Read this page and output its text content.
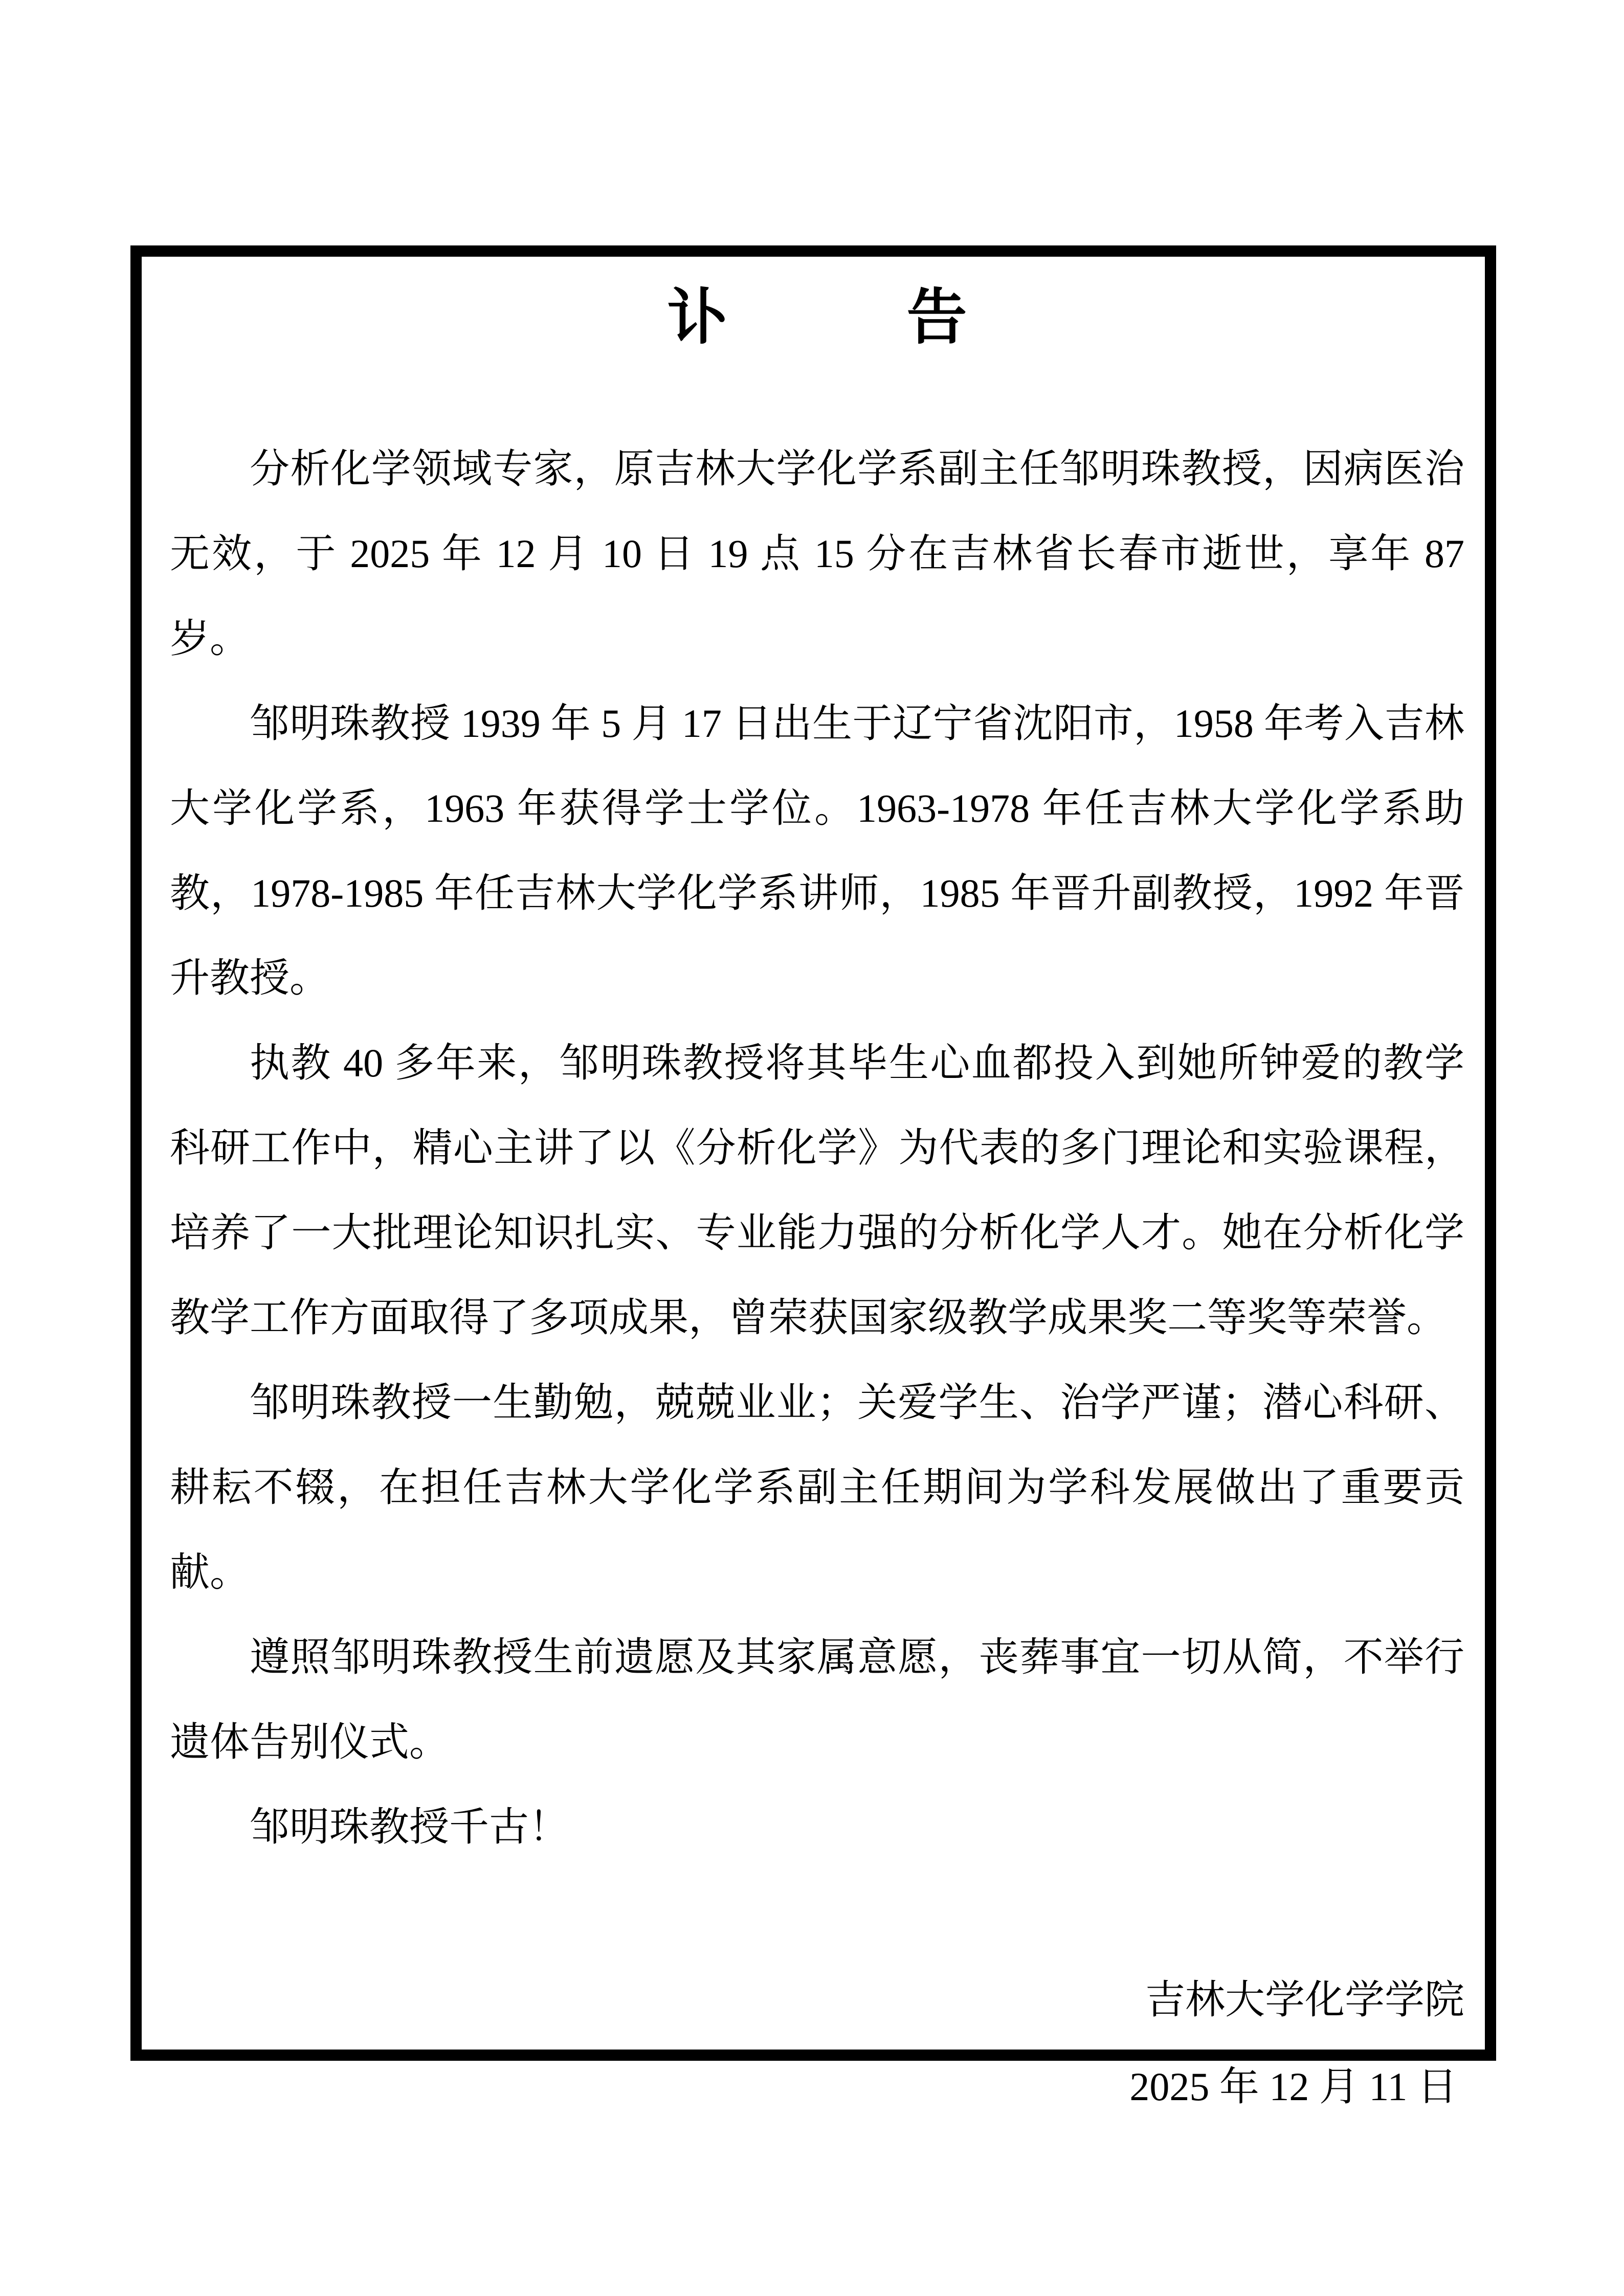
讣	告

分析化学领域专家，原吉林大学化学系副主任邹明珠教授，因病医治无效，于 2025 年 12 月 10 日 19 点 15 分在吉林省长春市逝世，享年 87 岁。

邹明珠教授 1939 年 5 月 17 日出生于辽宁省沈阳市，1958 年考入吉林大学化学系，1963 年获得学士学位。1963-1978 年任吉林大学化学系助教，1978-1985 年任吉林大学化学系讲师，1985 年晋升副教授，1992 年晋升教授。

执教 40 多年来，邹明珠教授将其毕生心血都投入到她所钟爱的教学科研工作中，精心主讲了以《分析化学》为代表的多门理论和实验课程，培养了一大批理论知识扎实、专业能力强的分析化学人才。她在分析化学教学工作方面取得了多项成果，曾荣获国家级教学成果奖二等奖等荣誉。

邹明珠教授一生勤勉，兢兢业业；关爱学生、治学严谨；潜心科研、耕耘不辍，在担任吉林大学化学系副主任期间为学科发展做出了重要贡献。

遵照邹明珠教授生前遗愿及其家属意愿，丧葬事宜一切从简，不举行遗体告别仪式。

邹明珠教授千古！

吉林大学化学学院
2025 年 12 月 11 日
